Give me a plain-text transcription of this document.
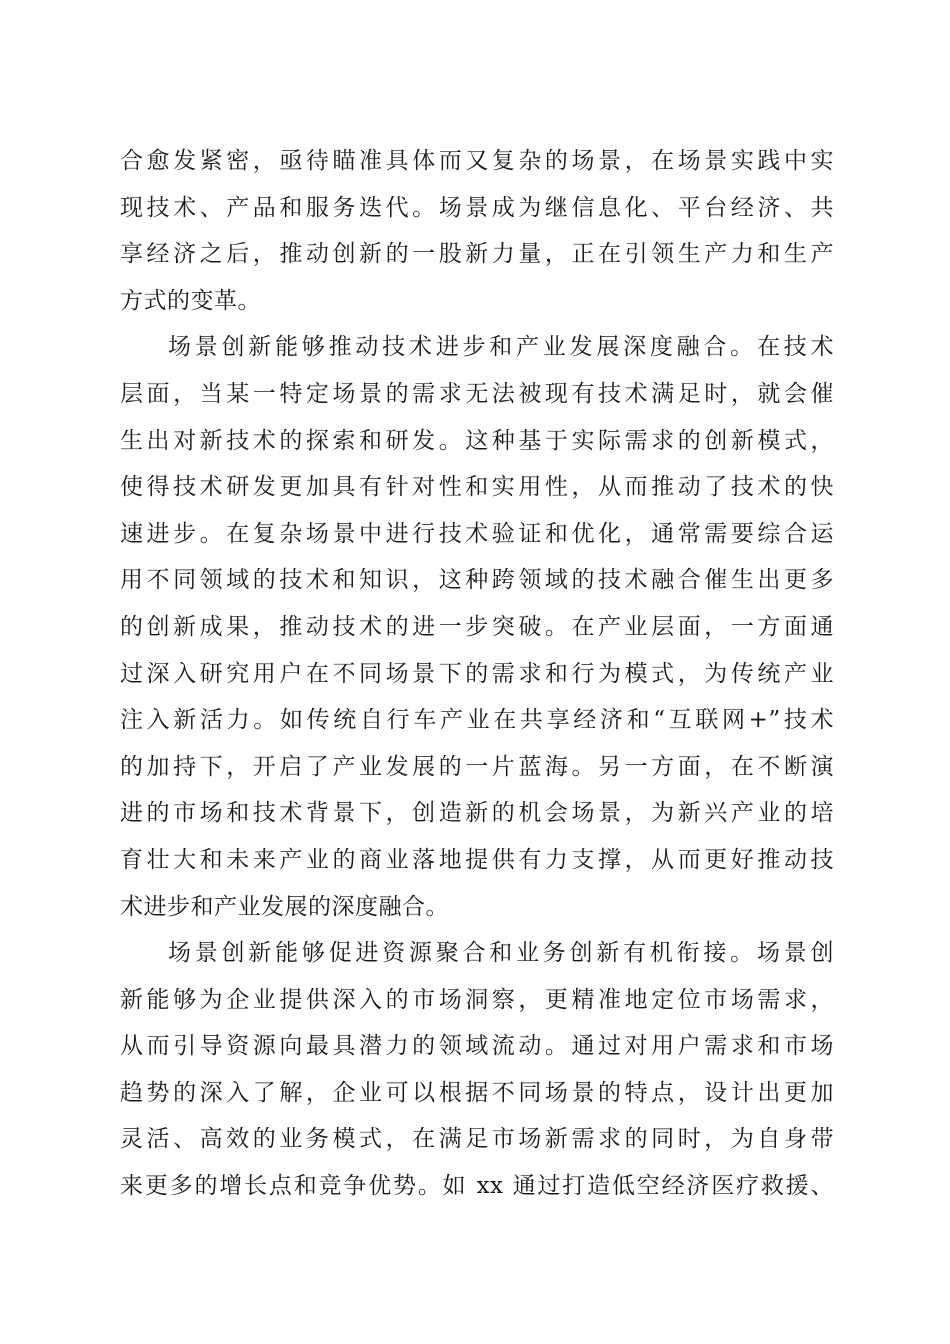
合愈发紧密，亟待瞄准具体而又复杂的场景，在场景实践中实
现技术、产品和服务迭代。场景成为继信息化、平台经济、共
享经济之后，推动创新的一股新力量，正在引领生产力和生产
方式的变革。
场景创新能够推动技术进步和产业发展深度融合。在技术
层面，当某一特定场景的需求无法被现有技术满足时，就会催
生出对新技术的探索和研发。这种基于实际需求的创新模式，
使得技术研发更加具有针对性和实用性，从而推动了技术的快
速进步。在复杂场景中进行技术验证和优化，通常需要综合运
用不同领域的技术和知识，这种跨领域的技术融合催生出更多
的创新成果，推动技术的进一步突破。在产业层面，一方面通
过深入研究用户在不同场景下的需求和行为模式，为传统产业
注入新活力。如传统自行车产业在共享经济和“互联网+”技术
的加持下，开启了产业发展的一片蓝海。另一方面，在不断演
进的市场和技术背景下，创造新的机会场景，为新兴产业的培
育壮大和未来产业的商业落地提供有力支撑，从而更好推动技
术进步和产业发展的深度融合。
场景创新能够促进资源聚合和业务创新有机衔接。场景创
新能够为企业提供深入的市场洞察，更精准地定位市场需求，
从而引导资源向最具潜力的领域流动。通过对用户需求和市场
趋势的深入了解，企业可以根据不同场景的特点，设计出更加
灵活、高效的业务模式，在满足市场新需求的同时，为自身带
来更多的增长点和竞争优势。如 xx 通过打造低空经济医疗救援、
